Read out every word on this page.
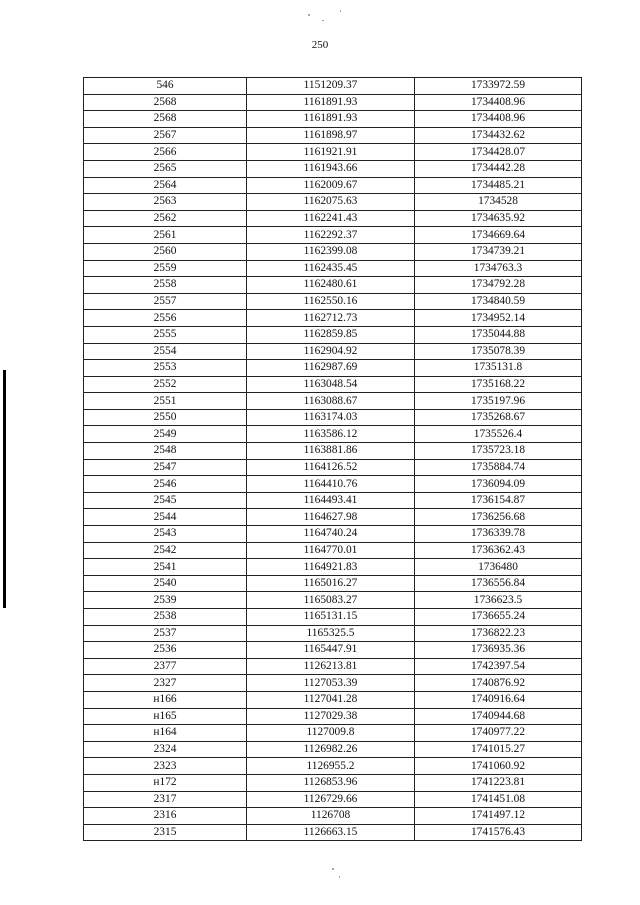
250
546	1151209.37	1733972.59
2568	1161891.93	1734408.96
2568	1161891.93	1734408.96
2567	1161898.97	1734432.62
2566	1161921.91	1734428.07
2565	1161943.66	1734442.28
2564	1162009.67	1734485.21
2563	1162075.63	1734528
2562	1162241.43	1734635.92
2561	1162292.37	1734669.64
2560	1162399.08	1734739.21
2559	1162435.45	1734763.3
2558	1162480.61	1734792.28
2557	1162550.16	1734840.59
2556	1162712.73	1734952.14
2555	1162859.85	1735044.88
2554	1162904.92	1735078.39
2553	1162987.69	1735131.8
2552	1163048.54	1735168.22
2551	1163088.67	1735197.96
2550	1163174.03	1735268.67
2549	1163586.12	1735526.4
2548	1163881.86	1735723.18
2547	1164126.52	1735884.74
2546	1164410.76	1736094.09
2545	1164493.41	1736154.87
2544	1164627.98	1736256.68
2543	1164740.24	1736339.78
2542	1164770.01	1736362.43
2541	1164921.83	1736480
2540	1165016.27	1736556.84
2539	1165083.27	1736623.5
2538	1165131.15	1736655.24
2537	1165325.5	1736822.23
2536	1165447.91	1736935.36
2377	1126213.81	1742397.54
2327	1127053.39	1740876.92
н166	1127041.28	1740916.64
н165	1127029.38	1740944.68
н164	1127009.8	1740977.22
2324	1126982.26	1741015.27
2323	1126955.2	1741060.92
н172	1126853.96	1741223.81
2317	1126729.66	1741451.08
2316	1126708	1741497.12
2315	1126663.15	1741576.43
